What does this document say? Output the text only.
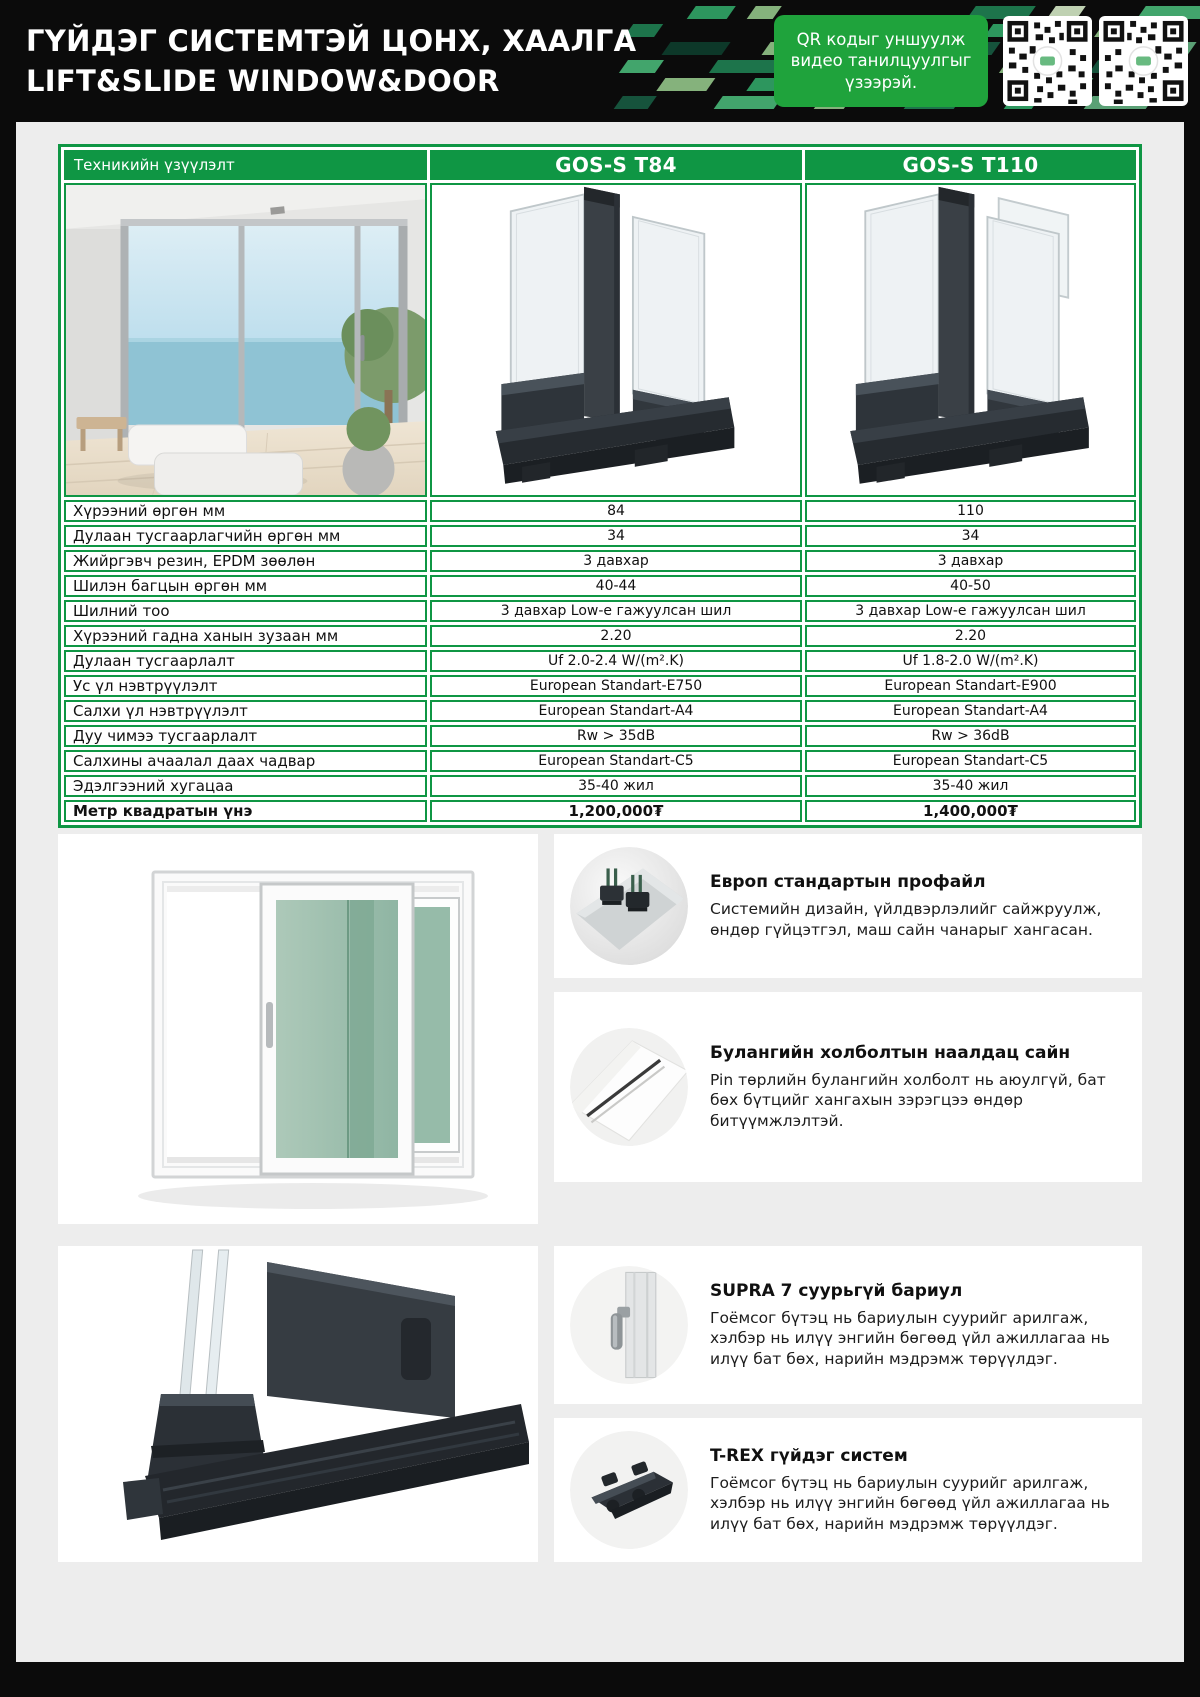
ГҮЙДЭГ СИСТЕМТЭЙ ЦОНХ, ХААЛГА
LIFT&SLIDE WINDOW&DOOR
QR кодыг уншуулж видео танилцуулгыг үзээрэй.
Техникийн үзүүлэлт	GOS-S T84	GOS-S T110

Хүрээний өргөн мм	84	110
Дулаан тусгаарлагчийн өргөн мм	34	34
Жийргэвч резин, EPDM зөөлөн	3 давхар	3 давхар
Шилэн багцын өргөн мм	40-44	40-50
Шилний тоо	3 давхар Low-e гажуулсан шил	3 давхар Low-e гажуулсан шил
Хүрээний гадна ханын зузаан мм	2.20	2.20
Дулаан тусгаарлалт	Uf 2.0-2.4 W/(m².K)	Uf 1.8-2.0 W/(m².K)
Ус үл нэвтрүүлэлт	European Standart-E750	European Standart-E900
Салхи үл нэвтрүүлэлт	European Standart-A4	European Standart-A4
Дуу чимээ тусгаарлалт	Rw > 35dB	Rw > 36dB
Салхины ачаалал даах чадвар	European Standart-C5	European Standart-C5
Эдэлгээний хугацаа	35-40 жил	35-40 жил
Метр квадратын үнэ	1,200,000₮	1,400,000₮
Европ стандартын профайл

Системийн дизайн, үйлдвэрлэлийг сайжруулж, өндөр гүйцэтгэл, маш сайн чанарыг хангасан.

Булангийн холболтын наалдац сайн

Pin төрлийн булангийн холболт нь аюулгүй, бат бөх бүтцийг хангахын зэрэгцээ өндөр битүүмжлэлтэй.

SUPRA 7 суурьгүй бариул

Гоёмсог бүтэц нь бариулын суурийг арилгаж, хэлбэр нь илүү энгийн бөгөөд үйл ажиллагаа нь илүү бат бөх, нарийн мэдрэмж төрүүлдэг.

T-REX гүйдэг систем

Гоёмсог бүтэц нь бариулын суурийг арилгаж, хэлбэр нь илүү энгийн бөгөөд үйл ажиллагаа нь илүү бат бөх, нарийн мэдрэмж төрүүлдэг.
